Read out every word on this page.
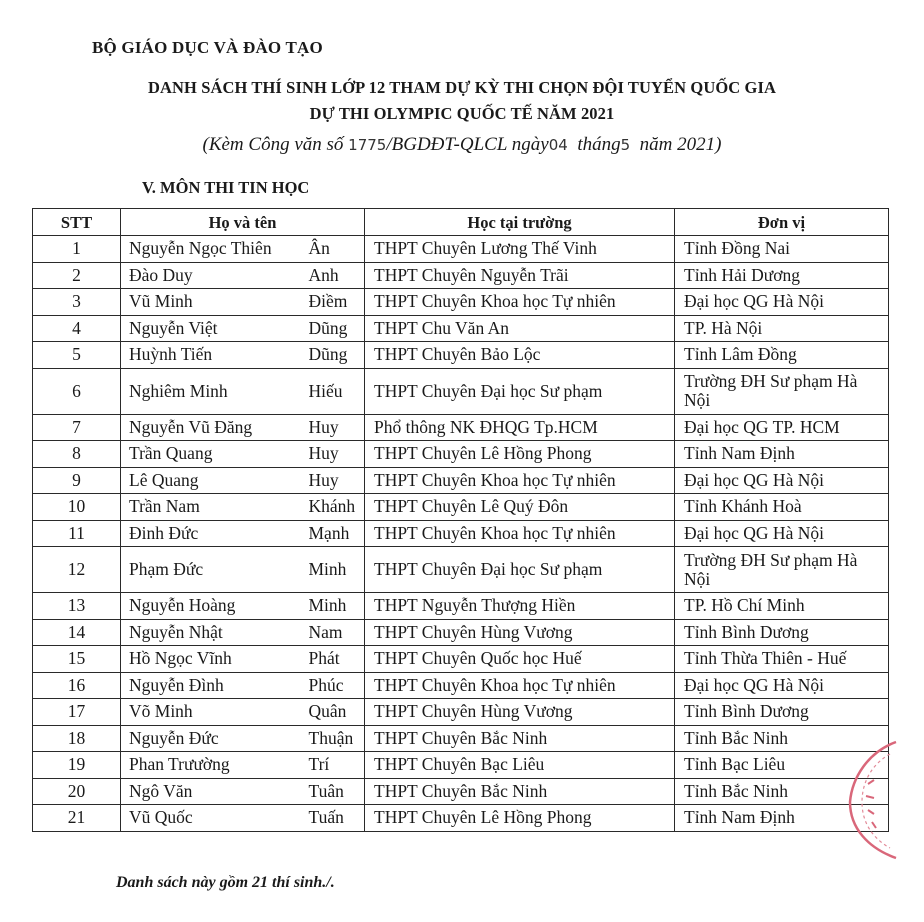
BỘ GIÁO DỤC VÀ ĐÀO TẠO
DANH SÁCH THÍ SINH LỚP 12 THAM DỰ KỲ THI CHỌN ĐỘI TUYỂN QUỐC GIA
DỰ THI OLYMPIC QUỐC TẾ NĂM 2021
(Kèm Công văn số 1775/BGDĐT-QLCL ngày04 tháng5 năm 2021)
V. MÔN THI TIN HỌC
STT	Họ và tên		Học tại trường	Đơn vị
1	Nguyễn Ngọc Thiên	Ân	THPT Chuyên Lương Thế Vinh	Tỉnh Đồng Nai
2	Đào Duy	Anh	THPT Chuyên Nguyễn Trãi	Tỉnh Hải Dương
3	Vũ Minh	Điềm	THPT Chuyên Khoa học Tự nhiên	Đại học QG Hà Nội
4	Nguyễn Việt	Dũng	THPT Chu Văn An	TP. Hà Nội
5	Huỳnh Tiến	Dũng	THPT Chuyên Bảo Lộc	Tỉnh Lâm Đồng
6	Nghiêm Minh	Hiếu	THPT Chuyên Đại học Sư phạm	Trường ĐH Sư phạm Hà Nội
7	Nguyễn Vũ Đăng	Huy	Phổ thông NK ĐHQG Tp.HCM	Đại học QG TP. HCM
8	Trần Quang	Huy	THPT Chuyên Lê Hồng Phong	Tỉnh Nam Định
9	Lê Quang	Huy	THPT Chuyên Khoa học Tự nhiên	Đại học QG Hà Nội
10	Trần Nam	Khánh	THPT Chuyên Lê Quý Đôn	Tỉnh Khánh Hoà
11	Đinh Đức	Mạnh	THPT Chuyên Khoa học Tự nhiên	Đại học QG Hà Nội
12	Phạm Đức	Minh	THPT Chuyên Đại học Sư phạm	Trường ĐH Sư phạm Hà Nội
13	Nguyễn Hoàng	Minh	THPT Nguyễn Thượng Hiền	TP. Hồ Chí Minh
14	Nguyễn Nhật	Nam	THPT Chuyên Hùng Vương	Tỉnh Bình Dương
15	Hồ Ngọc Vĩnh	Phát	THPT Chuyên Quốc học Huế	Tỉnh Thừa Thiên - Huế
16	Nguyễn Đình	Phúc	THPT Chuyên Khoa học Tự nhiên	Đại học QG Hà Nội
17	Võ Minh	Quân	THPT Chuyên Hùng Vương	Tỉnh Bình Dương
18	Nguyễn Đức	Thuận	THPT Chuyên Bắc Ninh	Tỉnh Bắc Ninh
19	Phan Trưường	Trí	THPT Chuyên Bạc Liêu	Tỉnh Bạc Liêu
20	Ngô Văn	Tuân	THPT Chuyên Bắc Ninh	Tỉnh Bắc Ninh
21	Vũ Quốc	Tuấn	THPT Chuyên Lê Hồng Phong	Tỉnh Nam Định
Danh sách này gồm 21 thí sinh./.
